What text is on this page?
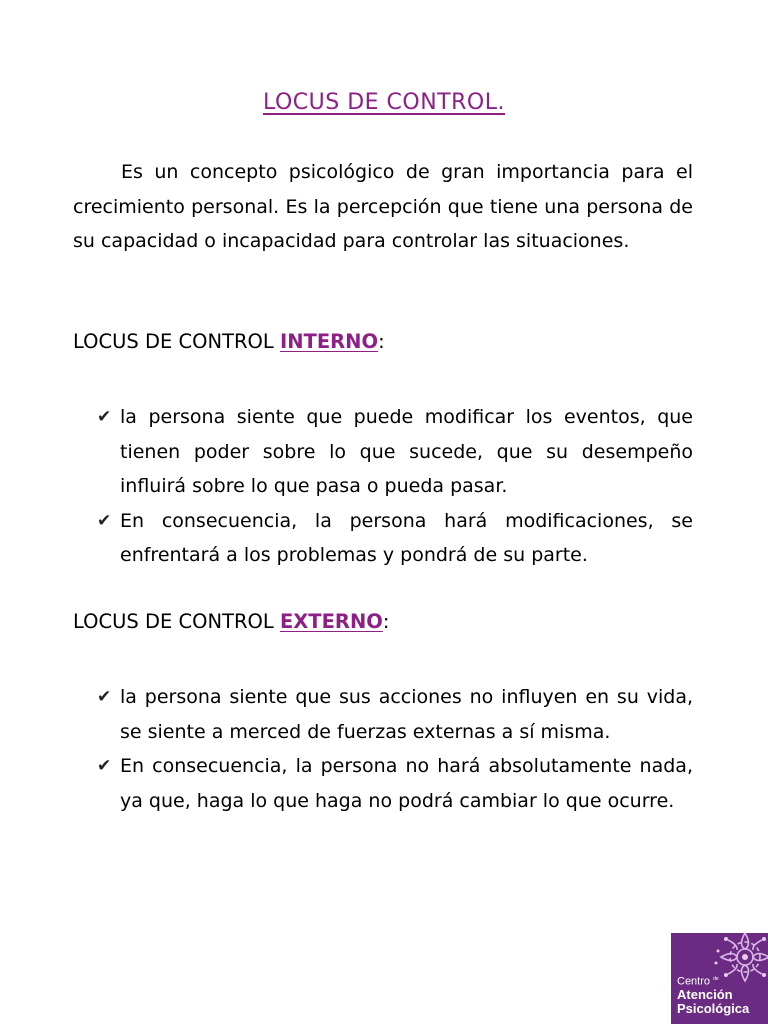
LOCUS DE CONTROL.

Es un concepto psicológico de gran importancia para el crecimiento personal. Es la percepción que tiene una persona de su capacidad o incapacidad para controlar las situaciones.

LOCUS DE CONTROL INTERNO:
✔ la persona siente que puede modificar los eventos, que tienen poder sobre lo que sucede, que su desempeño influirá sobre lo que pasa o pueda pasar.
✔ En consecuencia, la persona hará modificaciones, se enfrentará a los problemas y pondrá de su parte.
LOCUS DE CONTROL EXTERNO:
✔ la persona siente que sus acciones no influyen en su vida, se siente a merced de fuerzas externas a sí misma.
✔ En consecuencia, la persona no hará absolutamente nada, ya que, haga lo que haga no podrá cambiar lo que ocurre.
Centro $^{de}$
Atención
Psicológica
